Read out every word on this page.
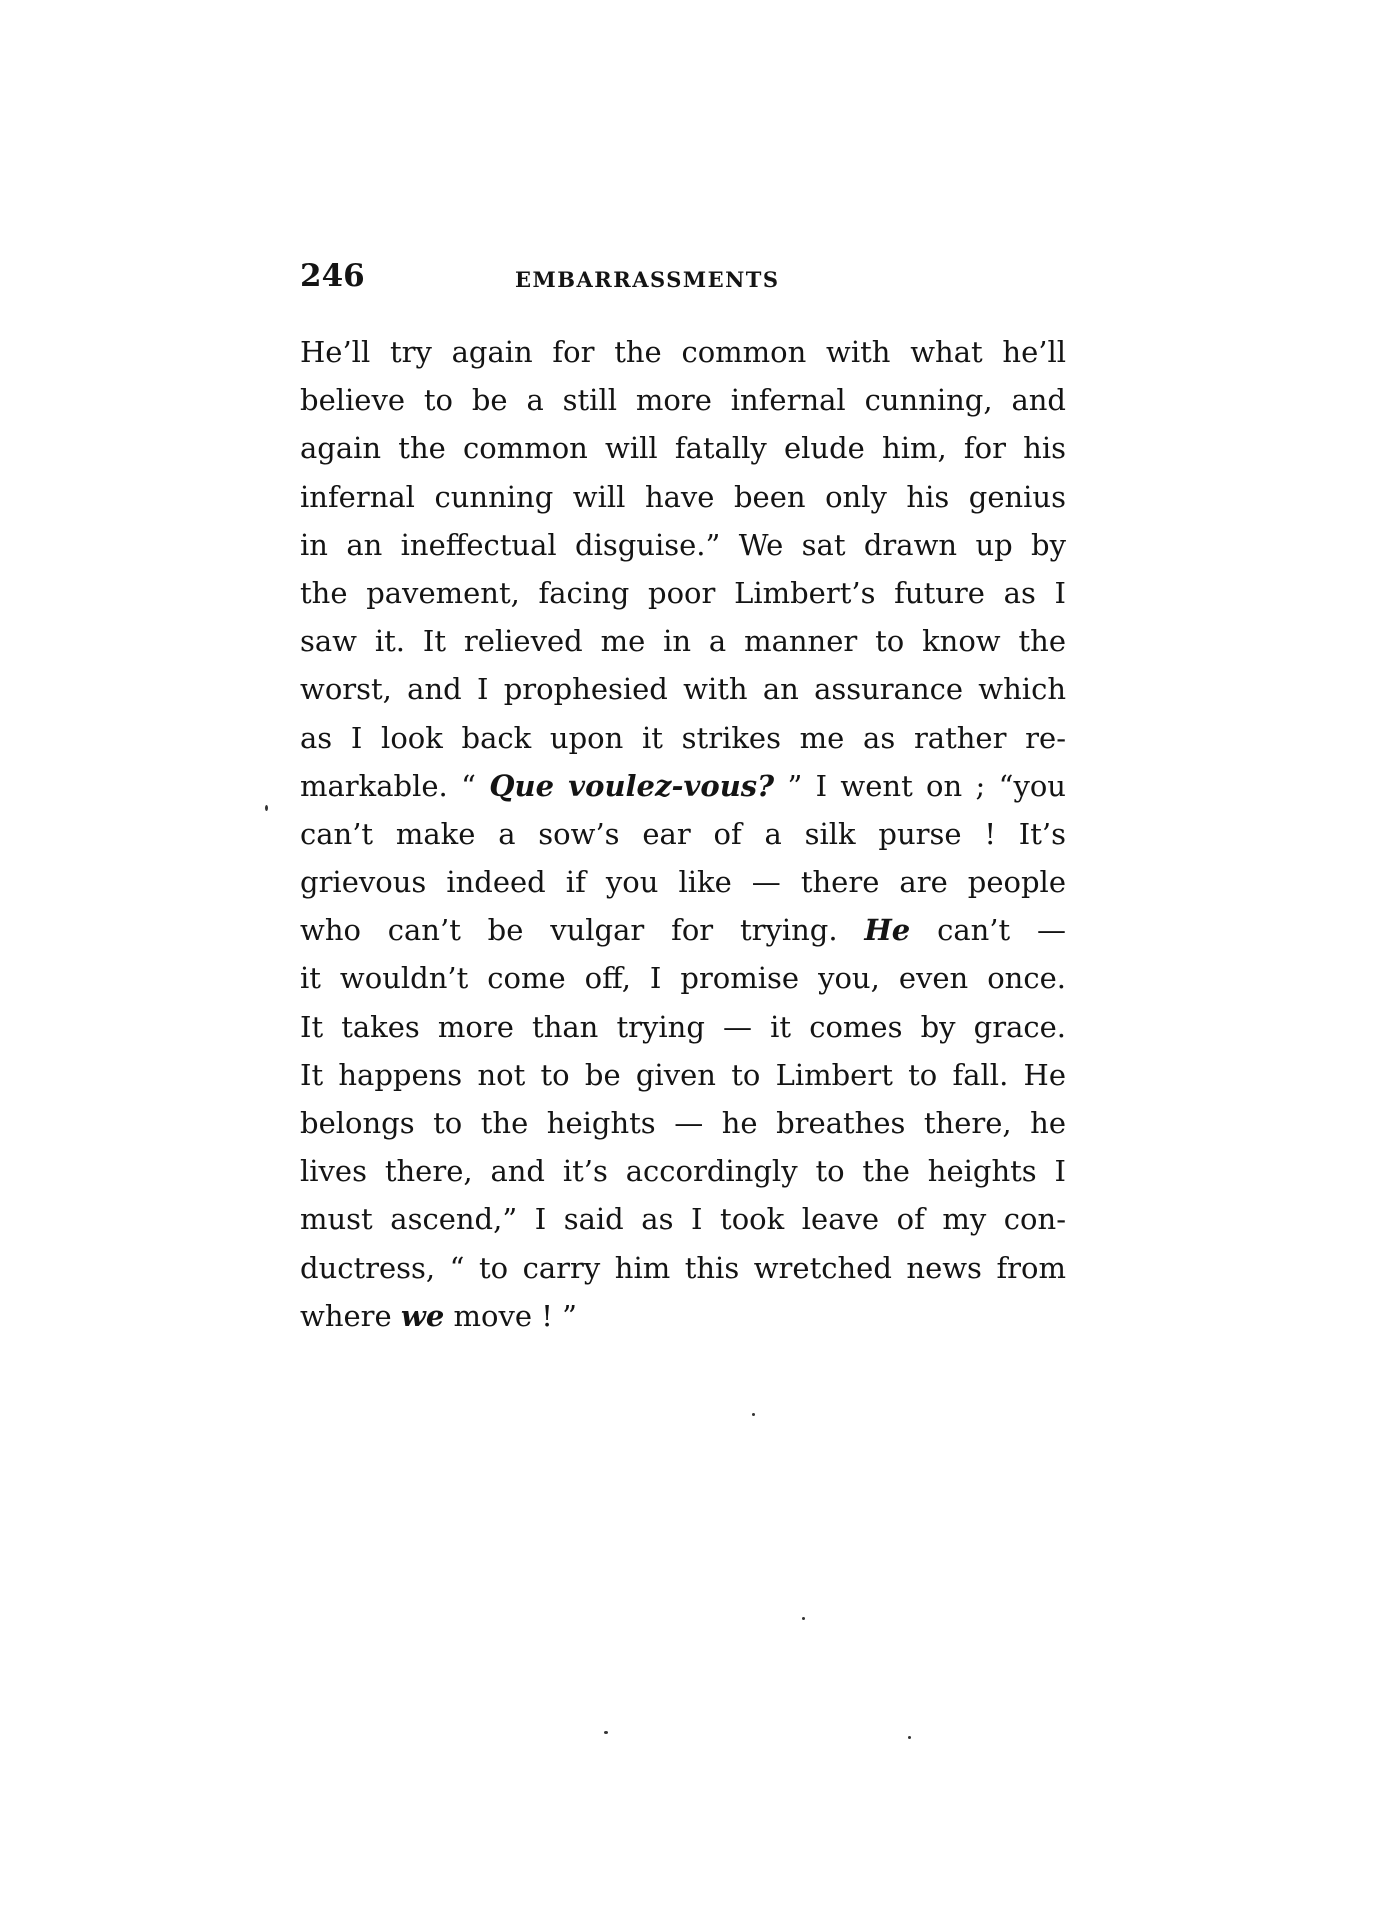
246	EMBARRASSMENTS
He’ll try again for the common with what he’ll
believe to be a still more infernal cunning, and
again the common will fatally elude him, for his
infernal cunning will have been only his genius
in an ineffectual disguise.” We sat drawn up by
the pavement, facing poor Limbert’s future as I
saw it. It relieved me in a manner to know the
worst, and I prophesied with an assurance which
as I look back upon it strikes me as rather re-
markable. “ Que voulez-vous? ” I went on ; “you
can’t make a sow’s ear of a silk purse ! It’s
grievous indeed if you like — there are people
who can’t be vulgar for trying. He can’t —
it wouldn’t come off, I promise you, even once.
It takes more than trying — it comes by grace.
It happens not to be given to Limbert to fall. He
belongs to the heights — he breathes there, he
lives there, and it’s accordingly to the heights I
must ascend,” I said as I took leave of my con-
ductress, “ to carry him this wretched news from
where we move ! ”
